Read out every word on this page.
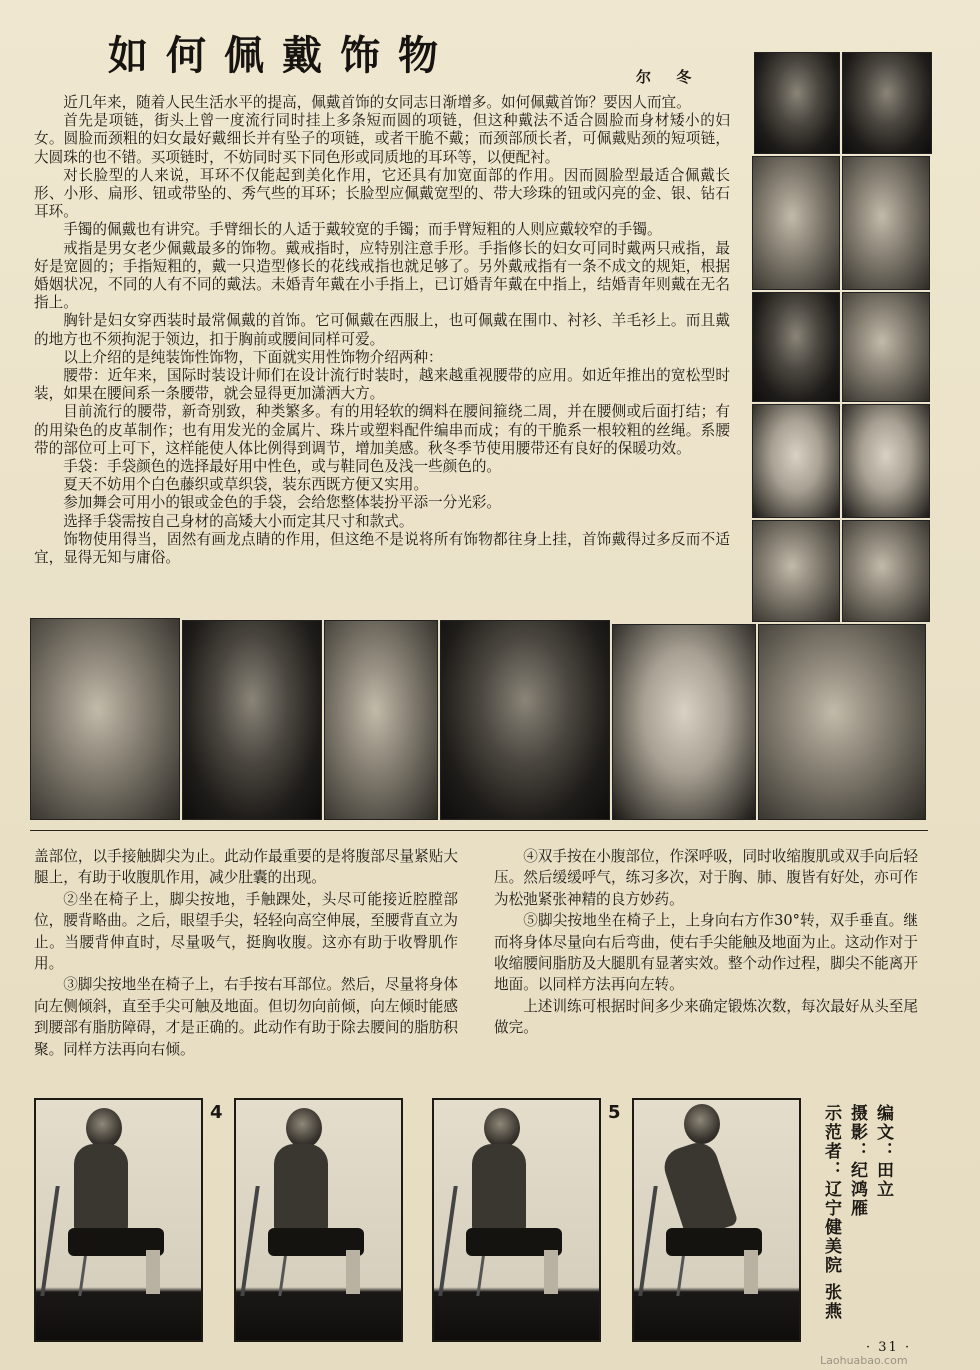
如何佩戴饰物	尔 冬

近几年来，随着人民生活水平的提高，佩戴首饰的女同志日渐增多。如何佩戴首饰？要因人而宜。

首先是项链，街头上曾一度流行同时挂上多条短而圆的项链，但这种戴法不适合圆脸而身材矮小的妇女。圆脸而颈粗的妇女最好戴细长并有坠子的项链，或者干脆不戴；而颈部颀长者，可佩戴贴颈的短项链，大圆珠的也不错。买项链时，不妨同时买下同色形或同质地的耳环等，以便配衬。

对长脸型的人来说，耳环不仅能起到美化作用，它还具有加宽面部的作用。因而圆脸型最适合佩戴长形、小形、扁形、钮或带坠的、秀气些的耳环；长脸型应佩戴宽型的、带大珍珠的钮或闪亮的金、银、钻石耳环。

手镯的佩戴也有讲究。手臂细长的人适于戴较宽的手镯；而手臂短粗的人则应戴较窄的手镯。

戒指是男女老少佩戴最多的饰物。戴戒指时，应特别注意手形。手指修长的妇女可同时戴两只戒指，最好是宽圆的；手指短粗的，戴一只造型修长的花线戒指也就足够了。另外戴戒指有一条不成文的规矩，根据婚姻状况，不同的人有不同的戴法。未婚青年戴在小手指上，已订婚青年戴在中指上，结婚青年则戴在无名指上。

胸针是妇女穿西装时最常佩戴的首饰。它可佩戴在西服上，也可佩戴在围巾、衬衫、羊毛衫上。而且戴的地方也不须拘泥于领边，扣于胸前或腰间同样可爱。

以上介绍的是纯装饰性饰物，下面就实用性饰物介绍两种：

腰带：近年来，国际时装设计师们在设计流行时装时，越来越重视腰带的应用。如近年推出的宽松型时装，如果在腰间系一条腰带，就会显得更加潇洒大方。

目前流行的腰带，新奇别致，种类繁多。有的用轻软的绸料在腰间箍绕二周，并在腰侧或后面打结；有的用染色的皮革制作；也有用发光的金属片、珠片或塑料配件编串而成；有的干脆系一根较粗的丝绳。系腰带的部位可上可下，这样能使人体比例得到调节，增加美感。秋冬季节使用腰带还有良好的保暖功效。

手袋：手袋颜色的选择最好用中性色，或与鞋同色及浅一些颜色的。

夏天不妨用个白色藤织或草织袋，装东西既方便又实用。

参加舞会可用小的银或金色的手袋，会给您整体装扮平添一分光彩。

选择手袋需按自己身材的高矮大小而定其尺寸和款式。

饰物使用得当，固然有画龙点睛的作用，但这绝不是说将所有饰物都往身上挂，首饰戴得过多反而不适宜，显得无知与庸俗。

盖部位，以手接触脚尖为止。此动作最重要的是将腹部尽量紧贴大腿上，有助于收腹肌作用，减少肚囊的出现。

②坐在椅子上，脚尖按地，手触踝处，头尽可能接近腔膛部位，腰背略曲。之后，眼望手尖，轻轻向高空伸展，至腰背直立为止。当腰背伸直时，尽量吸气，挺胸收腹。这亦有助于收臀肌作用。

③脚尖按地坐在椅子上，右手按右耳部位。然后，尽量将身体向左侧倾斜，直至手尖可触及地面。但切勿向前倾，向左倾时能感到腰部有脂肪障碍，才是正确的。此动作有助于除去腰间的脂肪积聚。同样方法再向右倾。

④双手按在小腹部位，作深呼吸，同时收缩腹肌或双手向后轻压。然后缓缓呼气，练习多次，对于胸、肺、腹皆有好处，亦可作为松弛紧张神精的良方妙药。

⑤脚尖按地坐在椅子上，上身向右方作30°转，双手垂直。继而将身体尽量向右后弯曲，使右手尖能触及地面为止。这动作对于收缩腰间脂肪及大腿肌有显著实效。整个动作过程，脚尖不能离开地面。以同样方法再向左转。

上述训练可根据时间多少来确定锻炼次数，每次最好从头至尾做完。

4	5	编文：田立
摄影：纪鸿雁
示范者：辽宁健美院 张燕
· 31 ·
Laohuabao.com
